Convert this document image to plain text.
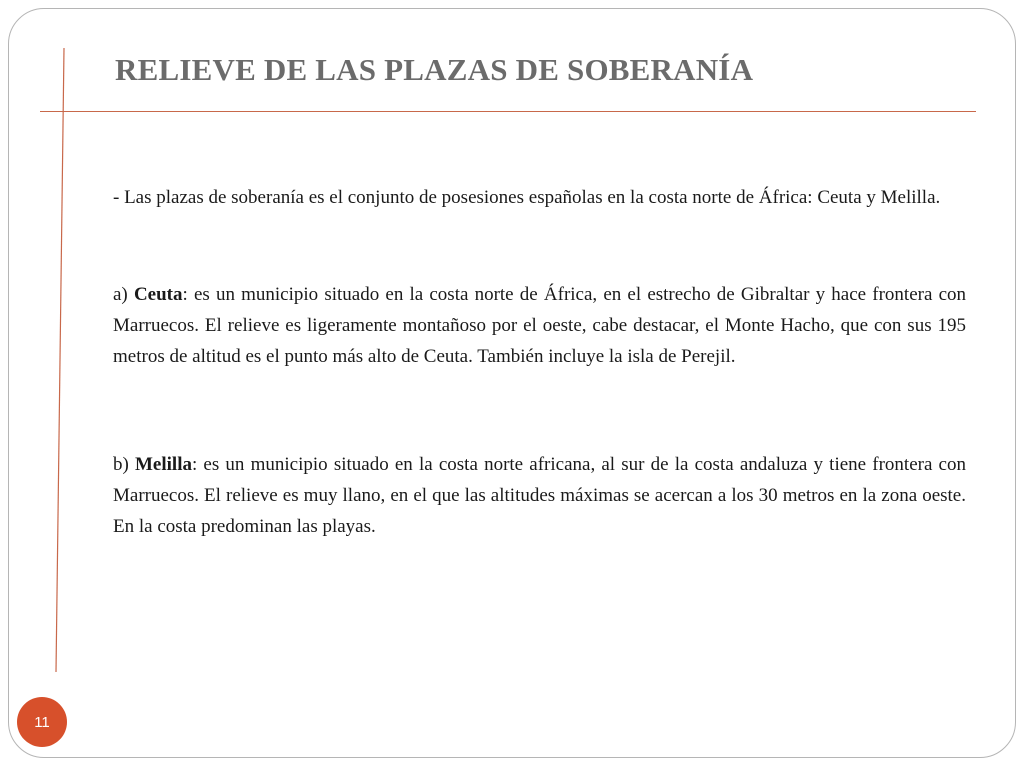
RELIEVE DE LAS PLAZAS DE SOBERANÍA

- Las plazas de soberanía es el conjunto de posesiones españolas en la costa norte de África: Ceuta y Melilla.

a) Ceuta: es un municipio situado en la costa norte de África, en el estrecho de Gibraltar y hace frontera con Marruecos. El relieve es ligeramente montañoso por el oeste, cabe destacar, el Monte Hacho, que con sus 195 metros de altitud es el punto más alto de Ceuta. También incluye la isla de Perejil.

b) Melilla: es un municipio situado en la costa norte africana, al sur de la costa andaluza y tiene frontera con Marruecos. El relieve es muy llano, en el que las altitudes máximas se acercan a los 30 metros en la zona oeste. En la costa predominan las playas.

11
